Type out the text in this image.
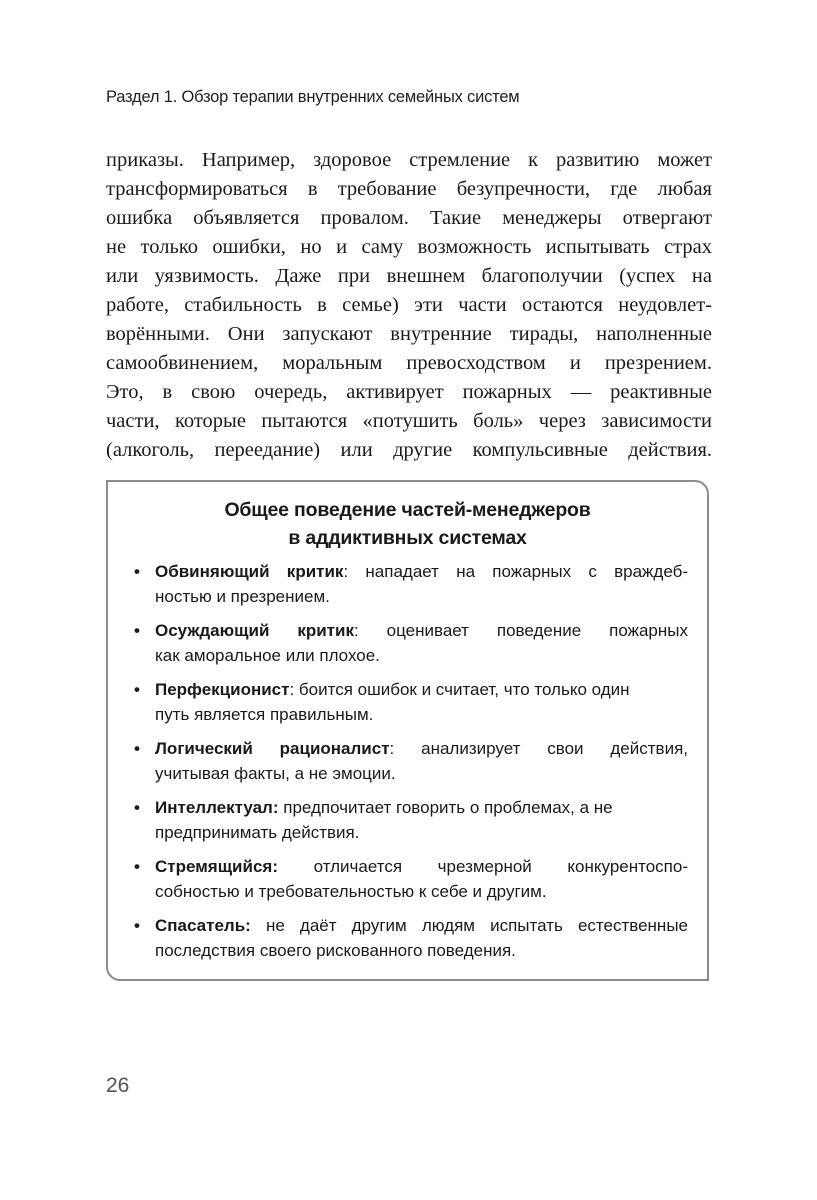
Раздел 1. Обзор терапии внутренних семейных систем
приказы. Например, здоровое стремление к развитию может
трансформироваться в требование безупречности, где любая
ошибка объявляется провалом. Такие менеджеры отвергают
не только ошибки, но и саму возможность испытывать страх
или уязвимость. Даже при внешнем благополучии (успех на
работе, стабильность в семье) эти части остаются неудовлет-
ворёнными. Они запускают внутренние тирады, наполненные
самообвинением, моральным превосходством и презрением.
Это, в свою очередь, активирует пожарных — реактивные
части, которые пытаются «потушить боль» через зависимости
(алкоголь, переедание) или другие компульсивные действия.
Общее поведение частей-менеджеров
в аддиктивных системах
• Обвиняющий критик: нападает на пожарных с враждеб-
ностью и презрением.
• Осуждающий критик: оценивает поведение пожарных
как аморальное или плохое.
• Перфекционист: боится ошибок и считает, что только один
путь является правильным.
• Логический рационалист: анализирует свои действия,
учитывая факты, а не эмоции.
• Интеллектуал: предпочитает говорить о проблемах, а не
предпринимать действия.
• Стремящийся: отличается чрезмерной конкурентоспо-
собностью и требовательностью к себе и другим.
• Спасатель: не даёт другим людям испытать естественные
последствия своего рискованного поведения.
26
